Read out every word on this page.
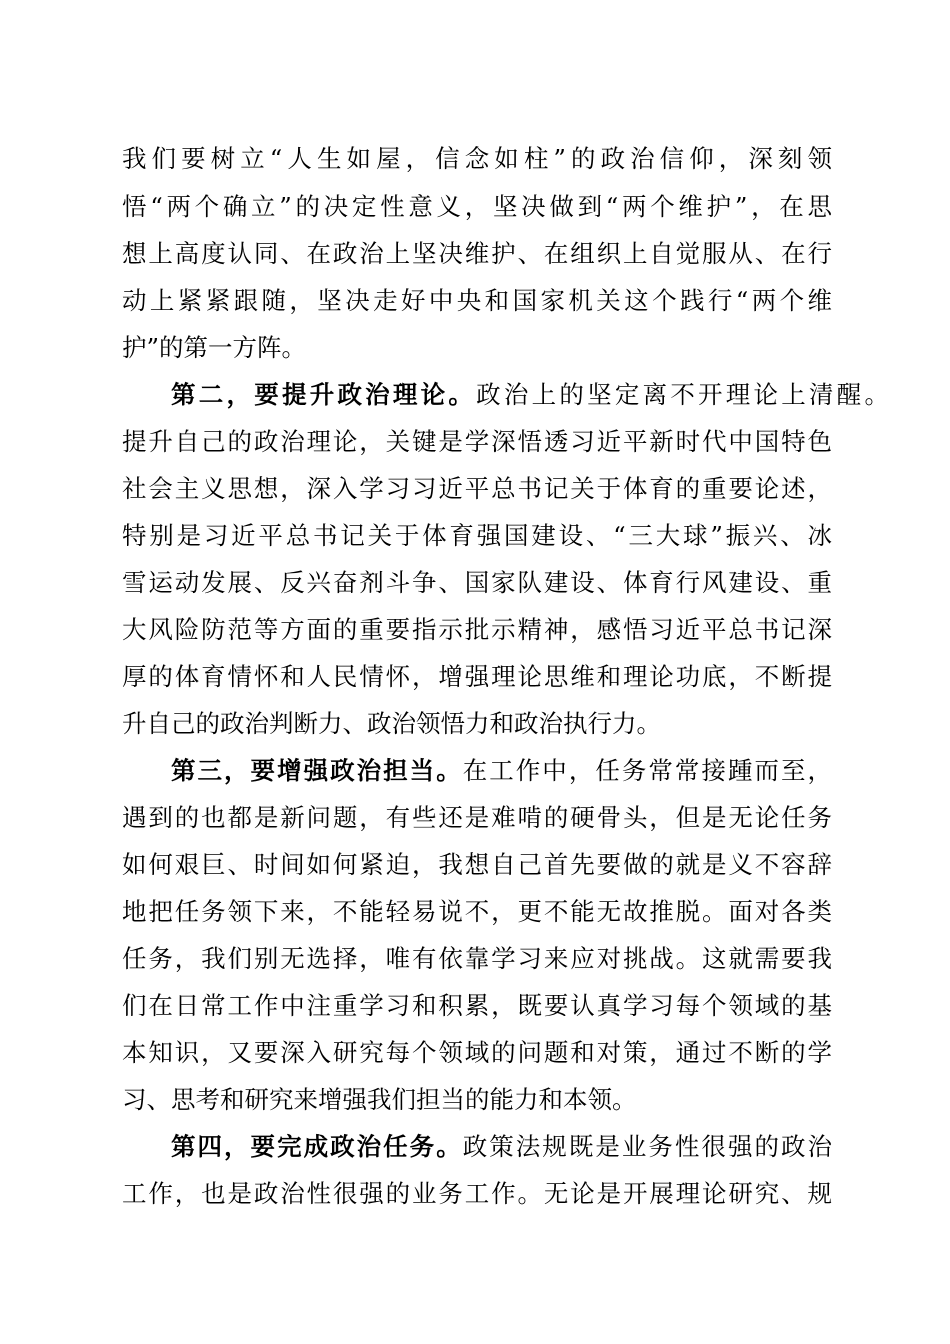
我们要树立“人生如屋，信念如柱”的政治信仰，深刻领
悟“两个确立”的决定性意义，坚决做到“两个维护”，在思
想上高度认同、在政治上坚决维护、在组织上自觉服从、在行
动上紧紧跟随，坚决走好中央和国家机关这个践行“两个维
护”的第一方阵。
第二，要提升政治理论。政治上的坚定离不开理论上清醒。
提升自己的政治理论，关键是学深悟透习近平新时代中国特色
社会主义思想，深入学习习近平总书记关于体育的重要论述，
特别是习近平总书记关于体育强国建设、“三大球”振兴、冰
雪运动发展、反兴奋剂斗争、国家队建设、体育行风建设、重
大风险防范等方面的重要指示批示精神，感悟习近平总书记深
厚的体育情怀和人民情怀，增强理论思维和理论功底，不断提
升自己的政治判断力、政治领悟力和政治执行力。
第三，要增强政治担当。在工作中，任务常常接踵而至，
遇到的也都是新问题，有些还是难啃的硬骨头，但是无论任务
如何艰巨、时间如何紧迫，我想自己首先要做的就是义不容辞
地把任务领下来，不能轻易说不，更不能无故推脱。面对各类
任务，我们别无选择，唯有依靠学习来应对挑战。这就需要我
们在日常工作中注重学习和积累，既要认真学习每个领域的基
本知识，又要深入研究每个领域的问题和对策，通过不断的学
习、思考和研究来增强我们担当的能力和本领。
第四，要完成政治任务。政策法规既是业务性很强的政治
工作，也是政治性很强的业务工作。无论是开展理论研究、规
